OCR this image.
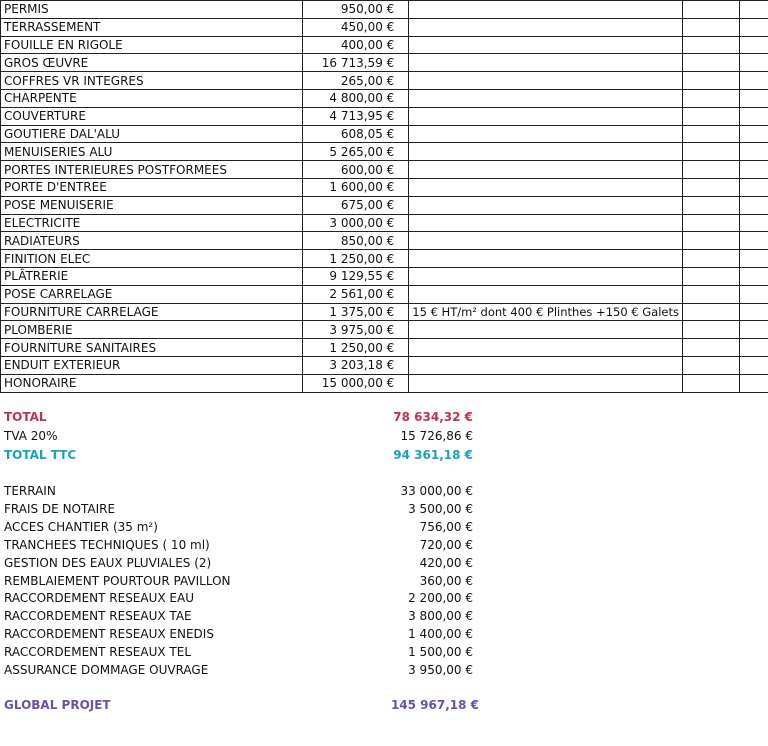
PERMIS	950,00 €			
TERRASSEMENT	450,00 €			
FOUILLE EN RIGOLE	400,00 €			
GROS ŒUVRE	16 713,59 €			
COFFRES VR INTEGRES	265,00 €			
CHARPENTE	4 800,00 €			
COUVERTURE	4 713,95 €			
GOUTIERE DAL'ALU	608,05 €			
MENUISERIES ALU	5 265,00 €			
PORTES INTERIEURES POSTFORMEES	600,00 €			
PORTE D'ENTREE	1 600,00 €			
POSE MENUISERIE	675,00 €			
ELECTRICITE	3 000,00 €			
RADIATEURS	850,00 €			
FINITION ELEC	1 250,00 €			
PLÂTRERIE	9 129,55 €			
POSE CARRELAGE	2 561,00 €			
FOURNITURE CARRELAGE	1 375,00 €	15 € HT/m² dont 400 € Plinthes +150 € Galets		
PLOMBERIE	3 975,00 €			
FOURNITURE SANITAIRES	1 250,00 €			
ENDUIT EXTERIEUR	3 203,18 €			
HONORAIRE	15 000,00 €			
TOTAL	78 634,32 €
TVA 20%	15 726,86 €
TOTAL TTC	94 361,18 €
TERRAIN	33 000,00 €
FRAIS DE NOTAIRE	3 500,00 €
ACCES CHANTIER (35 m²)	756,00 €
TRANCHEES TECHNIQUES ( 10 ml)	720,00 €
GESTION DES EAUX PLUVIALES (2)	420,00 €
REMBLAIEMENT POURTOUR PAVILLON	360,00 €
RACCORDEMENT RESEAUX EAU	2 200,00 €
RACCORDEMENT RESEAUX TAE	3 800,00 €
RACCORDEMENT RESEAUX ENEDIS	1 400,00 €
RACCORDEMENT RESEAUX TEL	1 500,00 €
ASSURANCE DOMMAGE OUVRAGE	3 950,00 €
GLOBAL PROJET	145 967,18 €
